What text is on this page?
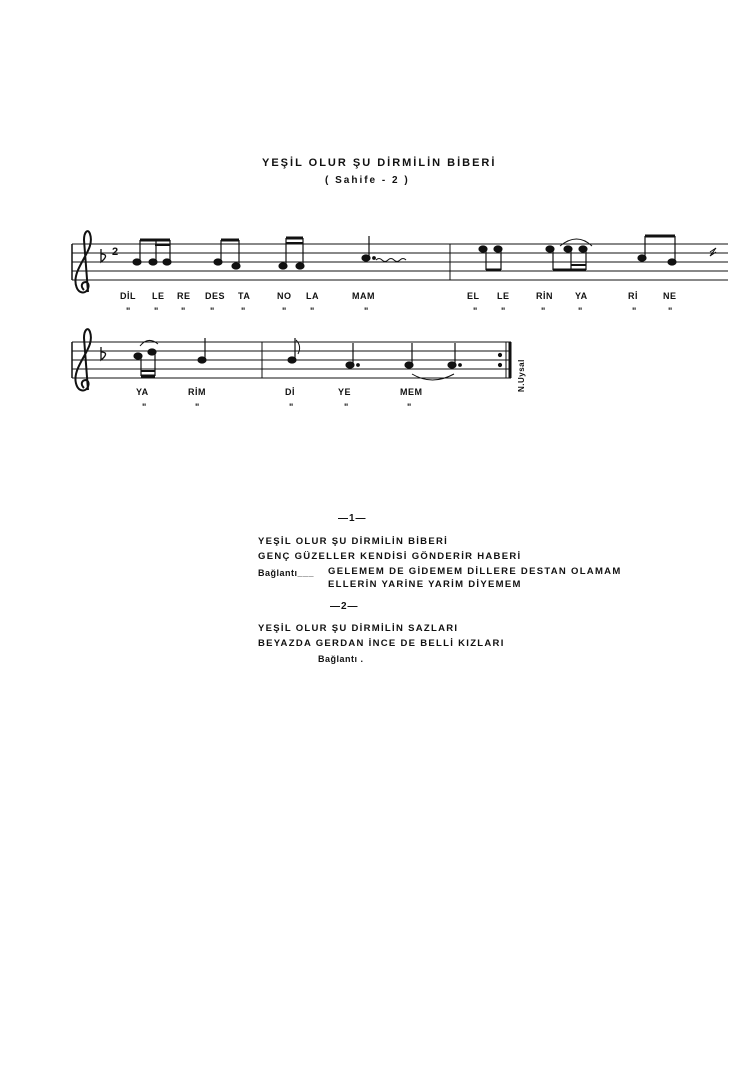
YEŞİL OLUR ŞU DİRMİLİN BİBERİ
( Sahife - 2 )
2
DİL LE RE DES TA	NO LA	MAM	EL LE	RİN YA	Rİ	NE
"	" "	"	"	"	"	"	"	"	"	"	"	"
YA	RİM	Dİ	YE	MEM
"	"	"	"	"
N.Uysal
—1—
YEŞİL OLUR ŞU DİRMİLİN BİBERİ
GENÇ GÜZELLER KENDİSİ GÖNDERİR HABERİ
Bağlantı___ GELEMEM DE GİDEMEM DİLLERE DESTAN OLAMAM
ELLERİN YARİNE YARİM DİYEMEM
—2—
YEŞİL OLUR ŞU DİRMİLİN SAZLARI
BEYAZDA GERDAN İNCE DE BELLİ KIZLARI
Bağlantı .
